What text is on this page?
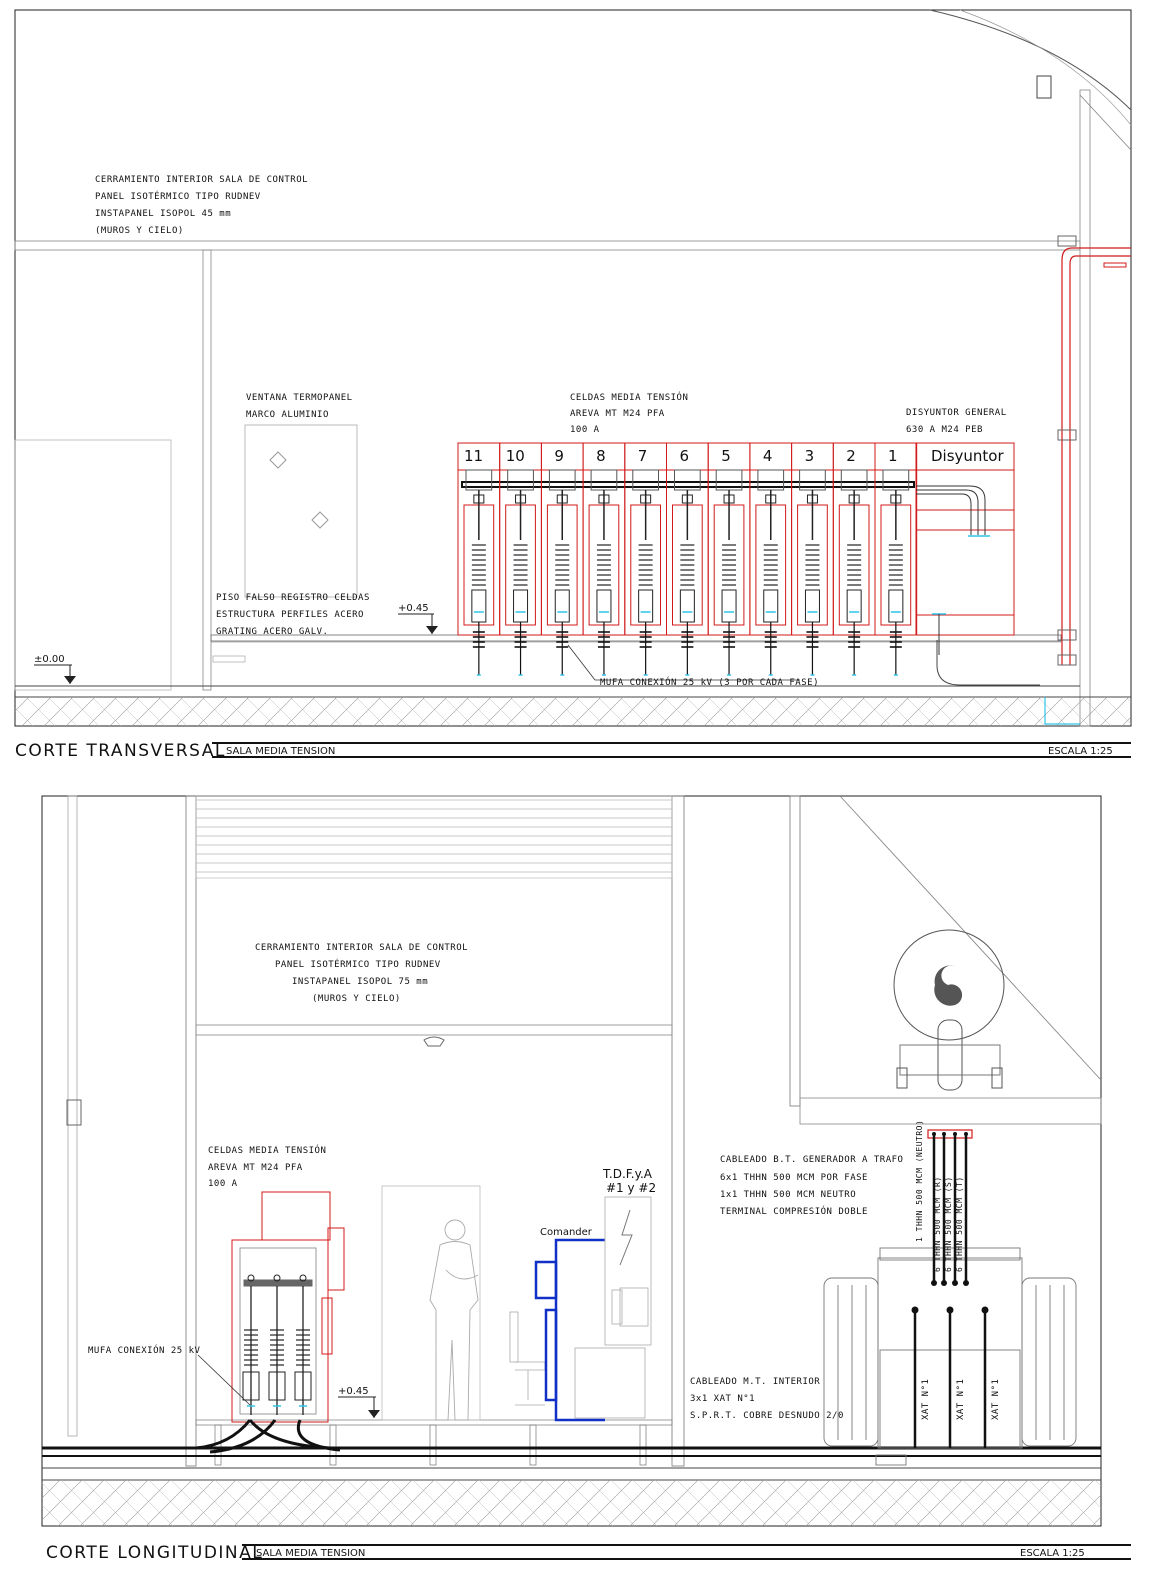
11 10 9 8 7 6 5 4 3 2 1 Disyuntor
CERRAMIENTO INTERIOR SALA DE CONTROL
PANEL ISOTÉRMICO TIPO RUDNEV
INSTAPANEL ISOPOL 45 mm
(MUROS Y CIELO)
VENTANA TERMOPANEL
MARCO ALUMINIO
CELDAS MEDIA TENSIÓN
AREVA MT M24 PFA
100 A
DISYUNTOR GENERAL
630 A M24 PEB
PISO FALSO REGISTRO CELDAS
ESTRUCTURA PERFILES ACERO
GRATING ACERO GALV.
MUFA CONEXIÓN 25 kV (3 POR CADA FASE)
±0.00
+0.45
CORTE TRANSVERSAL SALA MEDIA TENSION	ESCALA 1:25
Comander
T.D.F.y.A
#1 y #2	1 THHN 500 MCM (NEUTRO) 6 THHN 500 MCM (R) 6 THHN 500 MCM (S) 6 THHN 500 MCM (T)
XAT N°1	XAT N°1	XAT N°1
CERRAMIENTO INTERIOR SALA DE CONTROL
PANEL ISOTÉRMICO TIPO RUDNEV
INSTAPANEL ISOPOL 75 mm
(MUROS Y CIELO)
CELDAS MEDIA TENSIÓN
AREVA MT M24 PFA
100 A
MUFA CONEXIÓN 25 kV
+0.45
CABLEADO B.T. GENERADOR A TRAFO
6x1 THHN 500 MCM POR FASE
1x1 THHN 500 MCM NEUTRO
TERMINAL COMPRESIÓN DOBLE
CABLEADO M.T. INTERIOR
3x1 XAT N°1
S.P.R.T. COBRE DESNUDO 2/0
CORTE LONGITUDINAL
SALA MEDIA TENSION	ESCALA 1:25
